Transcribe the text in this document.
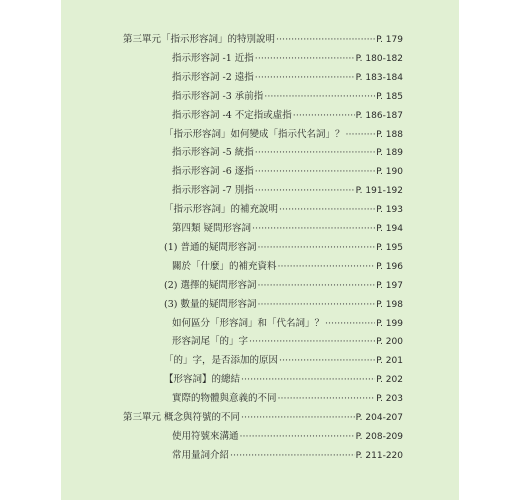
第三單元「指示形容詞」的特別說明 ·····	P. 179
指示形容詞 -1 近指 ·····	P. 180-182
指示形容詞 -2 遠指 ·····	P. 183-184
指示形容詞 -3 承前指 ·····	P. 185
指示形容詞 -4 不定指或虛指 ·····	P. 186-187
「指示形容詞」如何變成「指示代名詞」？ ·····	P. 188
指示形容詞 -5 統指 ·····	P. 189
指示形容詞 -6 逐指 ·····	P. 190
指示形容詞 -7 別指 ·····	P. 191-192
「指示形容詞」的補充說明 ·····	P. 193
第四類 疑問形容詞 ·····	P. 194
(1) 普通的疑問形容詞 ·····	P. 195
關於「什麼」的補充資料 ·····	P. 196
(2) 選擇的疑問形容詞 ·····	P. 197
(3) 數量的疑問形容詞 ·····	P. 198
如何區分「形容詞」和「代名詞」？ ·····	P. 199
形容詞尾「的」字 ·····	P. 200
「的」字，是否添加的原因 ·····	P. 201
【形容詞】的總結 ·····	P. 202
實際的物體與意義的不同 ·····	P. 203
第三單元 概念與符號的不同 ·····	P. 204-207
使用符號來溝通 ·····	P. 208-209
常用量詞介紹 ·····	P. 211-220
